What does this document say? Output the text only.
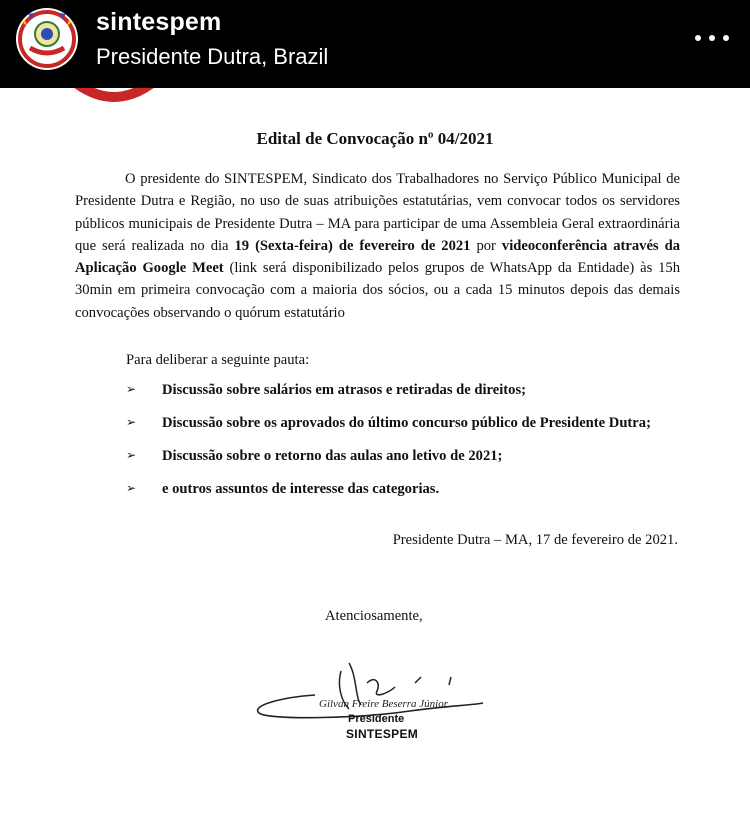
sintespem
Presidente Dutra, Brazil
Edital de Convocação nº 04/2021
O presidente do SINTESPEM, Sindicato dos Trabalhadores no Serviço Público Municipal de Presidente Dutra e Região, no uso de suas atribuições estatutárias, vem convocar todos os servidores públicos municipais de Presidente Dutra – MA para participar de uma Assembleia Geral extraordinária que será realizada no dia 19 (Sexta-feira) de fevereiro de 2021 por videoconferência através da Aplicação Google Meet (link será disponibilizado pelos grupos de WhatsApp da Entidade) às 15h 30min em primeira convocação com a maioria dos sócios, ou a cada 15 minutos depois das demais convocações observando o quórum estatutário
Para deliberar a seguinte pauta:
➢ Discussão sobre salários em atrasos e retiradas de direitos;
➢ Discussão sobre os aprovados do último concurso público de Presidente Dutra;
➢ Discussão sobre o retorno das aulas ano letivo de 2021;
➢ e outros assuntos de interesse das categorias.
Presidente Dutra – MA, 17 de fevereiro de 2021.
Atenciosamente,
Gilvan Freire Beserra Júnior
Presidente
SINTESPEM
